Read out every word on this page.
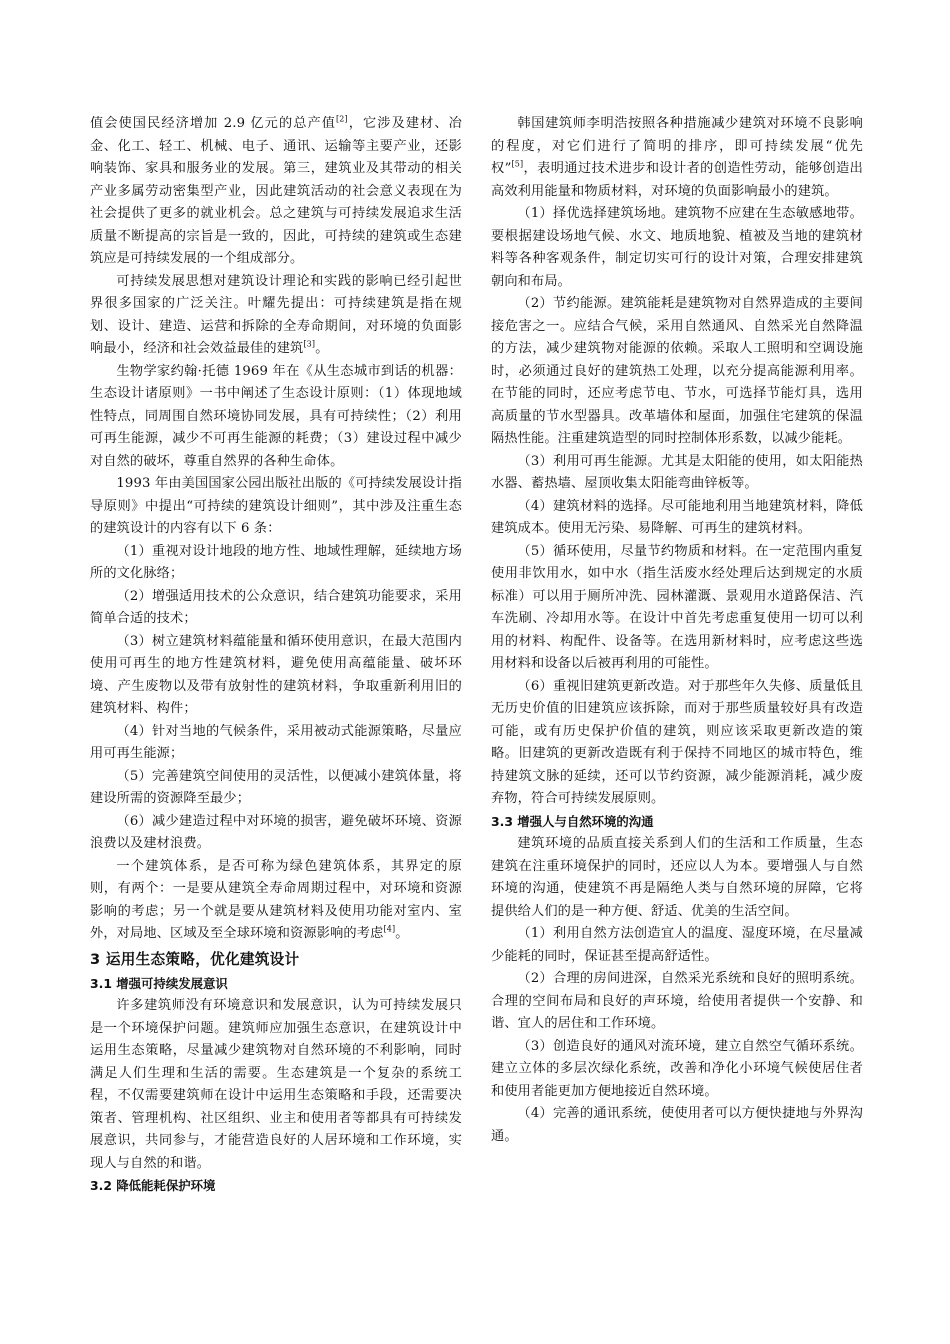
值会使国民经济增加 2.9 亿元的总产值[2]，它涉及建材、冶金、化工、轻工、机械、电子、通讯、运输等主要产业，还影响装饰、家具和服务业的发展。第三，建筑业及其带动的相关产业多属劳动密集型产业，因此建筑活动的社会意义表现在为社会提供了更多的就业机会。总之建筑与可持续发展追求生活质量不断提高的宗旨是一致的，因此，可持续的建筑或生态建筑应是可持续发展的一个组成部分。

可持续发展思想对建筑设计理论和实践的影响已经引起世界很多国家的广泛关注。叶耀先提出：可持续建筑是指在规划、设计、建造、运营和拆除的全寿命期间，对环境的负面影响最小，经济和社会效益最佳的建筑[3]。

生物学家约翰·托德 1969 年在《从生态城市到话的机器：生态设计诸原则》一书中阐述了生态设计原则：（1）体现地域性特点，同周围自然环境协同发展，具有可持续性；（2）利用可再生能源，减少不可再生能源的耗费；（3）建设过程中减少对自然的破坏，尊重自然界的各种生命体。

1993 年由美国国家公园出版社出版的《可持续发展设计指导原则》中提出“可持续的建筑设计细则”，其中涉及注重生态的建筑设计的内容有以下 6 条：

（1）重视对设计地段的地方性、地域性理解，延续地方场所的文化脉络；

（2）增强适用技术的公众意识，结合建筑功能要求，采用简单合适的技术；

（3）树立建筑材料蕴能量和循环使用意识，在最大范围内使用可再生的地方性建筑材料，避免使用高蕴能量、破坏环境、产生废物以及带有放射性的建筑材料，争取重新利用旧的建筑材料、构件；

（4）针对当地的气候条件，采用被动式能源策略，尽量应用可再生能源；

（5）完善建筑空间使用的灵活性，以便减小建筑体量，将建设所需的资源降至最少；

（6）减少建造过程中对环境的损害，避免破坏环境、资源浪费以及建材浪费。

一个建筑体系，是否可称为绿色建筑体系，其界定的原则，有两个：一是要从建筑全寿命周期过程中，对环境和资源影响的考虑；另一个就是要从建筑材料及使用功能对室内、室外，对局地、区域及至全球环境和资源影响的考虑[4]。

3 运用生态策略，优化建筑设计
3.1 增强可持续发展意识

许多建筑师没有环境意识和发展意识，认为可持续发展只是一个环境保护问题。建筑师应加强生态意识，在建筑设计中运用生态策略，尽量减少建筑物对自然环境的不利影响，同时满足人们生理和生活的需要。生态建筑是一个复杂的系统工程，不仅需要建筑师在设计中运用生态策略和手段，还需要决策者、管理机构、社区组织、业主和使用者等都具有可持续发展意识，共同参与，才能营造良好的人居环境和工作环境，实现人与自然的和谐。

3.2 降低能耗保护环境

韩国建筑师李明浩按照各种措施减少建筑对环境不良影响的程度，对它们进行了简明的排序，即可持续发展“优先权”[5]，表明通过技术进步和设计者的创造性劳动，能够创造出高效利用能量和物质材料，对环境的负面影响最小的建筑。

（1）择优选择建筑场地。建筑物不应建在生态敏感地带。要根据建设场地气候、水文、地质地貌、植被及当地的建筑材料等各种客观条件，制定切实可行的设计对策，合理安排建筑朝向和布局。

（2）节约能源。建筑能耗是建筑物对自然界造成的主要间接危害之一。应结合气候，采用自然通风、自然采光自然降温的方法，减少建筑物对能源的依赖。采取人工照明和空调设施时，必须通过良好的建筑热工处理，以充分提高能源利用率。在节能的同时，还应考虑节电、节水，可选择节能灯具，选用高质量的节水型器具。改革墙体和屋面，加强住宅建筑的保温隔热性能。注重建筑造型的同时控制体形系数，以减少能耗。

（3）利用可再生能源。尤其是太阳能的使用，如太阳能热水器、蓄热墙、屋顶收集太阳能弯曲锌板等。

（4）建筑材料的选择。尽可能地利用当地建筑材料，降低建筑成本。使用无污染、易降解、可再生的建筑材料。

（5）循环使用，尽量节约物质和材料。在一定范围内重复使用非饮用水，如中水（指生活废水经处理后达到规定的水质标准）可以用于厕所冲洗、园林灌溉、景观用水道路保洁、汽车洗刷、冷却用水等。在设计中首先考虑重复使用一切可以利用的材料、构配件、设备等。在选用新材料时，应考虑这些选用材料和设备以后被再利用的可能性。

（6）重视旧建筑更新改造。对于那些年久失修、质量低且无历史价值的旧建筑应该拆除，而对于那些质量较好具有改造可能，或有历史保护价值的建筑，则应该采取更新改造的策略。旧建筑的更新改造既有利于保持不同地区的城市特色，维持建筑文脉的延续，还可以节约资源，减少能源消耗，减少废弃物，符合可持续发展原则。

3.3 增强人与自然环境的沟通

建筑环境的品质直接关系到人们的生活和工作质量，生态建筑在注重环境保护的同时，还应以人为本。要增强人与自然环境的沟通，使建筑不再是隔绝人类与自然环境的屏障，它将提供给人们的是一种方便、舒适、优美的生活空间。

（1）利用自然方法创造宜人的温度、湿度环境，在尽量减少能耗的同时，保证甚至提高舒适性。

（2）合理的房间进深，自然采光系统和良好的照明系统。合理的空间布局和良好的声环境，给使用者提供一个安静、和谐、宜人的居住和工作环境。

（3）创造良好的通风对流环境，建立自然空气循环系统。建立立体的多层次绿化系统，改善和净化小环境气候使居住者和使用者能更加方便地接近自然环境。

（4）完善的通讯系统，使使用者可以方便快捷地与外界沟通。
